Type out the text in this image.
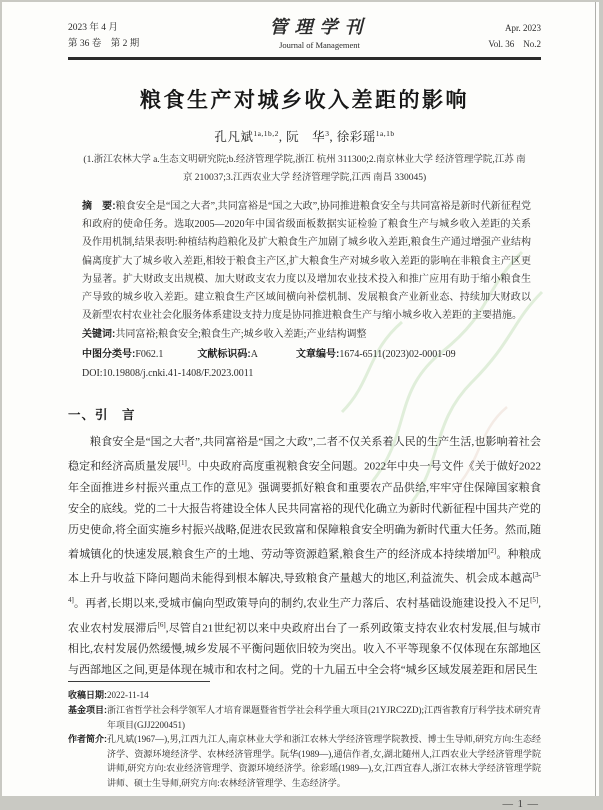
2023 年 4 月
第 36 卷　第 2 期
管理学刊
Journal of Management
Apr. 2023
Vol. 36　No.2
粮食生产对城乡收入差距的影响
孔凡斌$^{1a,1b,2}$, 阮　华$^3$, 徐彩瑶$^{1a,1b}$
(1.浙江农林大学 a.生态文明研究院;b.经济管理学院,浙江 杭州 311300;2.南京林业大学 经济管理学院,江苏 南京 210037;3.江西农业大学 经济管理学院,江西 南昌 330045)
摘　要:粮食安全是“国之大者”,共同富裕是“国之大政”,协同推进粮食安全与共同富裕是新时代新征程党和政府的使命任务。选取2005—2020年中国省级面板数据实证检验了粮食生产与城乡收入差距的关系及作用机制,结果表明:种植结构趋粮化及扩大粮食生产加剧了城乡收入差距,粮食生产通过增强产业结构偏离度扩大了城乡收入差距,相较于粮食主产区,扩大粮食生产对城乡收入差距的影响在非粮食主产区更为显著。扩大财政支出规模、加大财政支农力度以及增加农业技术投入和推广应用有助于缩小粮食生产导致的城乡收入差距。建立粮食生产区域间横向补偿机制、发展粮食产业新业态、持续加大财政以及新型农村农业社会化服务体系建设支持力度是协同推进粮食生产与缩小城乡收入差距的主要措施。
关键词:共同富裕;粮食安全;粮食生产;城乡收入差距;产业结构调整
中图分类号:F062.1	文献标识码:A	文章编号:1674-6511(2023)02-0001-09
DOI:10.19808/j.cnki.41-1408/F.2023.0011
一、引　言
粮食安全是“国之大者”,共同富裕是“国之大政”,二者不仅关系着人民的生产生活,也影响着社会稳定和经济高质量发展[1]。中央政府高度重视粮食安全问题。2022年中央一号文件《关于做好2022年全面推进乡村振兴重点工作的意见》强调要抓好粮食和重要农产品供给,牢牢守住保障国家粮食安全的底线。党的二十大报告将建设全体人民共同富裕的现代化确立为新时代新征程中国共产党的历史使命,将全面实施乡村振兴战略,促进农民致富和保障粮食安全明确为新时代重大任务。然而,随着城镇化的快速发展,粮食生产的土地、劳动等资源趋紧,粮食生产的经济成本持续增加[2]。种粮成本上升与收益下降问题尚未能得到根本解决,导致粮食产量越大的地区,利益流失、机会成本越高[3-4]。再者,长期以来,受城市偏向型政策导向的制约,农业生产力落后、农村基础设施建设投入不足[5],农业农村发展滞后[6],尽管自21世纪初以来中央政府出台了一系列政策支持农业农村发展,但与城市相比,农村发展仍然缓慢,城乡发展不平衡问题依旧较为突出。收入不平等现象不仅体现在东部地区与西部地区之间,更是体现在城市和农村之间。党的十九届五中全会将“城乡区域发展差距和居民生
收稿日期: 2022-11-14
基金项目: 浙江省哲学社会科学领军人才培育课题暨省哲学社会科学重大项目(21YJRC2ZD);江西省教育厅科学技术研究青年项目(GJJ2200451)
作者简介: 孔凡斌(1967—),男,江西九江人,南京林业大学和浙江农林大学经济管理学院教授、博士生导师,研究方向:生态经济学、资源环境经济学、农林经济管理学。阮华(1989—),通信作者,女,湖北随州人,江西农业大学经济管理学院讲师,研究方向:农业经济管理学、资源环境经济学。徐彩瑶(1989—),女,江西宜春人,浙江农林大学经济管理学院讲师、硕士生导师,研究方向:农林经济管理学、生态经济学。
— 1 —
